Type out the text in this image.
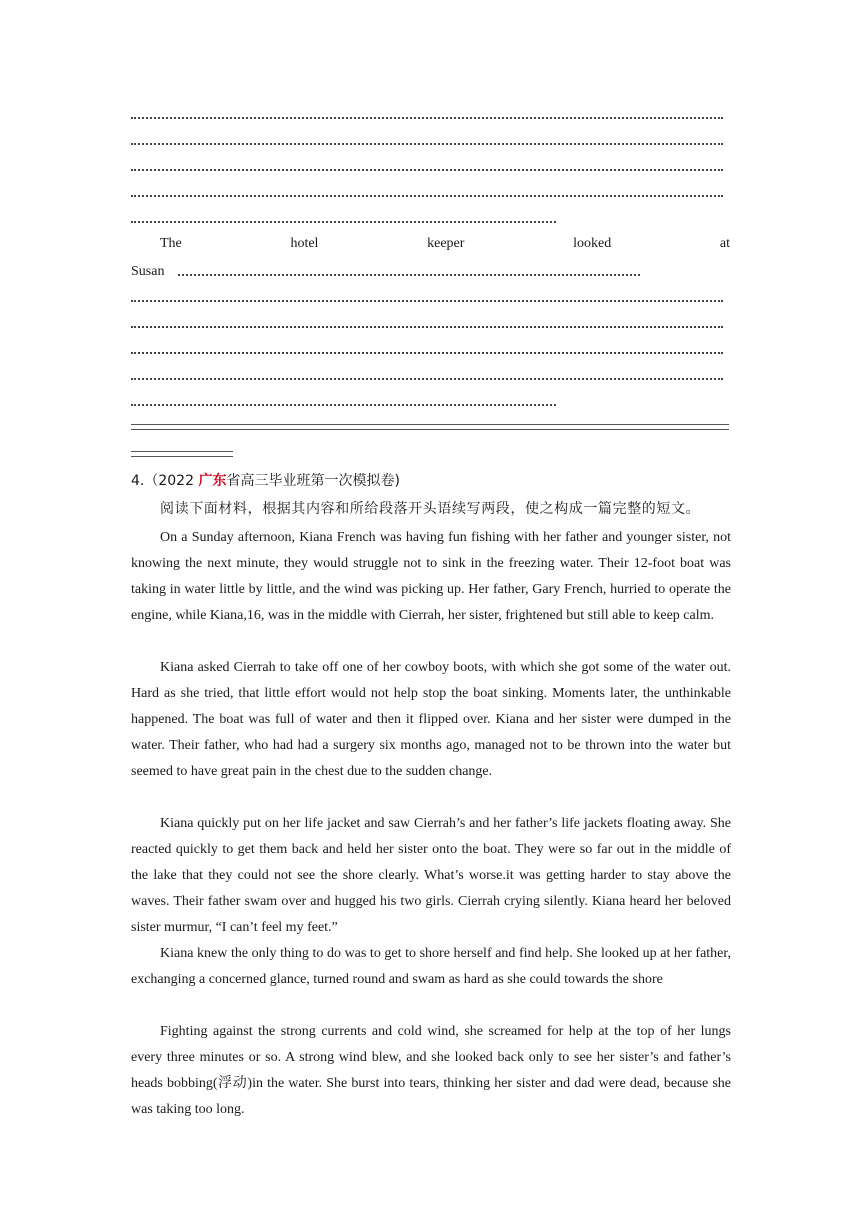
The	hotel	keeper	looked	at
Susan
4.（2022 广东省高三毕业班第一次模拟卷)
阅读下面材料，根据其内容和所给段落开头语续写两段，使之构成一篇完整的短文。

On a Sunday afternoon, Kiana French was having fun fishing with her father and younger sister, not knowing the next minute, they would struggle not to sink in the freezing water. Their 12-foot boat was taking in water little by little, and the wind was picking up. Her father, Gary French, hurried to operate the engine, while Kiana,16, was in the middle with Cierrah, her sister, frightened but still able to keep calm.

Kiana asked Cierrah to take off one of her cowboy boots, with which she got some of the water out. Hard as she tried, that little effort would not help stop the boat sinking. Moments later, the unthinkable happened. The boat was full of water and then it flipped over. Kiana and her sister were dumped in the water. Their father, who had had a surgery six months ago, managed not to be thrown into the water but seemed to have great pain in the chest due to the sudden change.

Kiana quickly put on her life jacket and saw Cierrah’s and her father’s life jackets floating away. She reacted quickly to get them back and held her sister onto the boat. They were so far out in the middle of the lake that they could not see the shore clearly. What’s worse.it was getting harder to stay above the waves. Their father swam over and hugged his two girls. Cierrah crying silently. Kiana heard her beloved sister murmur, “I can’t feel my feet.”

Kiana knew the only thing to do was to get to shore herself and find help. She looked up at her father, exchanging a concerned glance, turned round and swam as hard as she could towards the shore

Fighting against the strong currents and cold wind, she screamed for help at the top of her lungs every three minutes or so. A strong wind blew, and she looked back only to see her sister’s and father’s heads bobbing(浮动)in the water. She burst into tears, thinking her sister and dad were dead, because she was taking too long.
